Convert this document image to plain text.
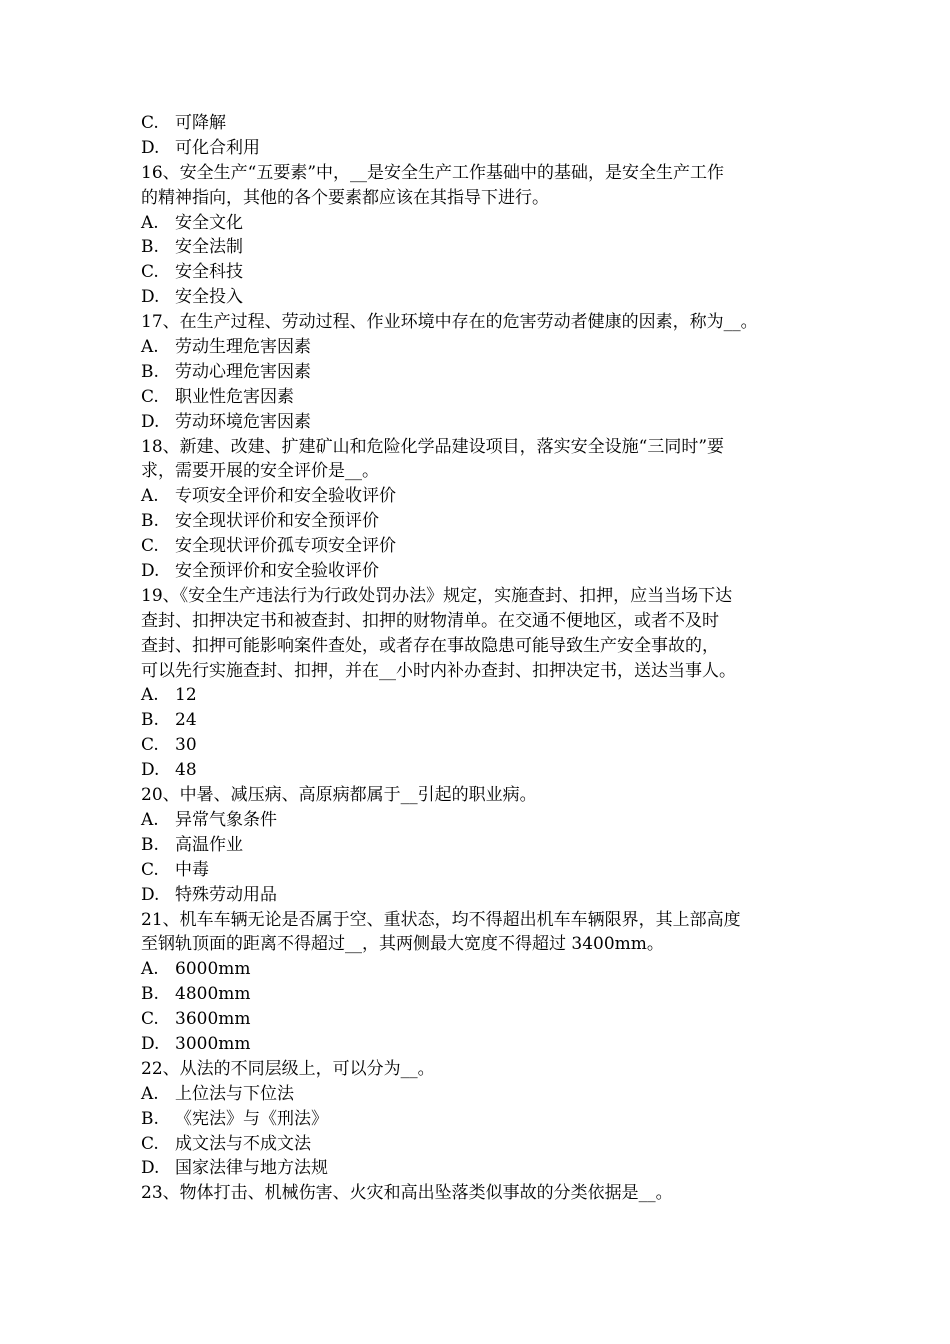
C. 可降解
D. 可化合利用
16、安全生产“五要素”中，__是安全生产工作基础中的基础，是安全生产工作
的精神指向，其他的各个要素都应该在其指导下进行。
A. 安全文化
B. 安全法制
C. 安全科技
D. 安全投入
17、在生产过程、劳动过程、作业环境中存在的危害劳动者健康的因素，称为__。
A. 劳动生理危害因素
B. 劳动心理危害因素
C. 职业性危害因素
D. 劳动环境危害因素
18、新建、改建、扩建矿山和危险化学品建设项目，落实安全设施“三同时”要
求，需要开展的安全评价是__。
A. 专项安全评价和安全验收评价
B. 安全现状评价和安全预评价
C. 安全现状评价孤专项安全评价
D. 安全预评价和安全验收评价
19、《安全生产违法行为行政处罚办法》规定，实施查封、扣押，应当当场下达
查封、扣押决定书和被查封、扣押的财物清单。在交通不便地区，或者不及时
查封、扣押可能影响案件查处，或者存在事故隐患可能导致生产安全事故的，
可以先行实施查封、扣押，并在__小时内补办查封、扣押决定书，送达当事人。
A. 12
B. 24
C. 30
D. 48
20、中暑、减压病、高原病都属于__引起的职业病。
A. 异常气象条件
B. 高温作业
C. 中毒
D. 特殊劳动用品
21、机车车辆无论是否属于空、重状态，均不得超出机车车辆限界，其上部高度
至钢轨顶面的距离不得超过__，其两侧最大宽度不得超过 3400mm。
A. 6000mm
B. 4800mm
C. 3600mm
D. 3000mm
22、从法的不同层级上，可以分为__。
A. 上位法与下位法
B. 《宪法》与《刑法》
C. 成文法与不成文法
D. 国家法律与地方法规
23、物体打击、机械伤害、火灾和高出坠落类似事故的分类依据是__。
